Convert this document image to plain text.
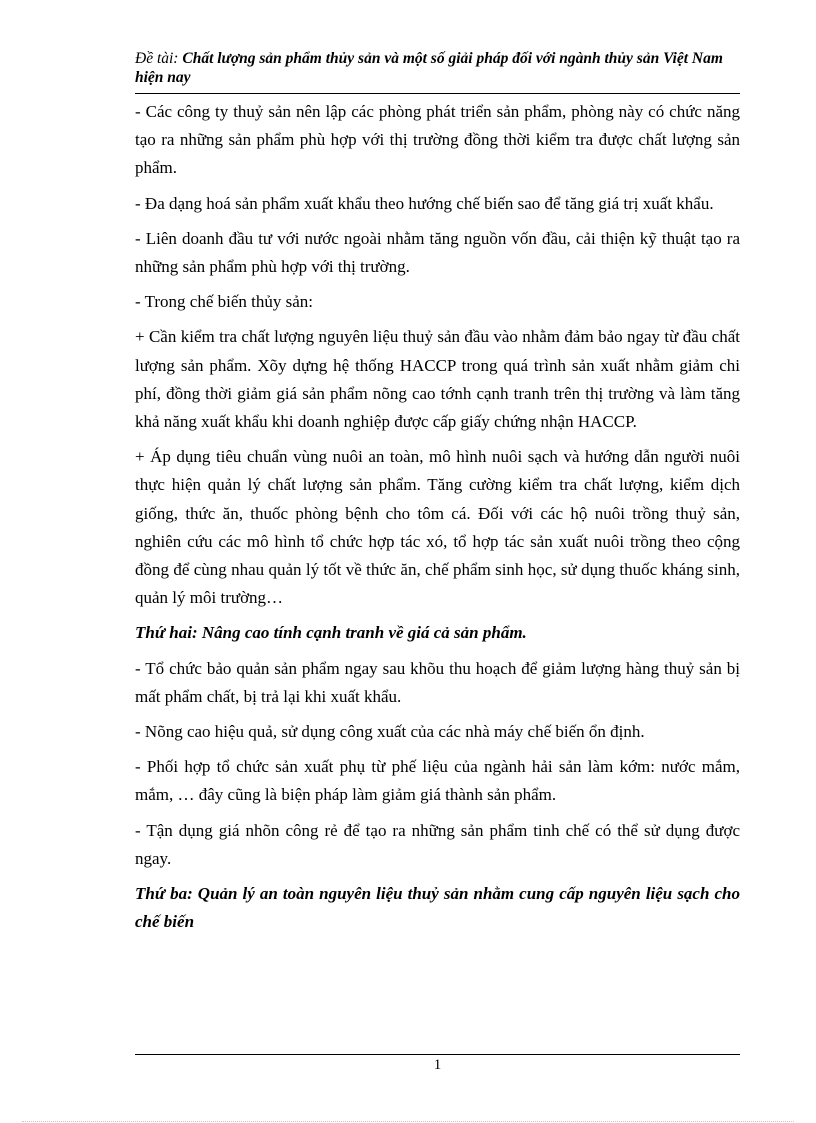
Đề tài: Chất lượng sản phẩm thủy sản và một số giải pháp đối với ngành thủy sản Việt Nam hiện nay

- Các công ty thuỷ sản nên lập các phòng phát triển sản phẩm, phòng này có chức năng tạo ra những sản phẩm phù hợp với thị trường đồng thời kiểm tra được chất lượng sản phẩm.

- Đa dạng hoá sản phẩm xuất khẩu theo hướng chế biến sao để tăng giá trị xuất khẩu.

- Liên doanh đầu tư với nước ngoài nhằm tăng nguồn vốn đầu, cải thiện kỹ thuật tạo ra những sản phẩm phù hợp với thị trường.

- Trong chế biến thủy sản:

+ Cần kiểm tra chất lượng nguyên liệu thuỷ sản đầu vào nhằm đảm bảo ngay từ đầu chất lượng sản phẩm. Xõy dựng hệ thống HACCP trong quá trình sản xuất nhằm giảm chi phí, đồng thời giảm giá sản phẩm nõng cao tớnh cạnh tranh trên thị trường và làm tăng khả năng xuất khẩu khi doanh nghiệp được cấp giấy chứng nhận HACCP.

+ Áp dụng tiêu chuẩn vùng nuôi an toàn, mô hình nuôi sạch và hướng dẫn người nuôi thực hiện quản lý chất lượng sản phẩm. Tăng cường kiểm tra chất lượng, kiểm dịch giống, thức ăn, thuốc phòng bệnh cho tôm cá. Đối với các hộ nuôi trồng thuỷ sản, nghiên cứu các mô hình tổ chức hợp tác xó, tổ hợp tác sản xuất nuôi trồng theo cộng đồng để cùng nhau quản lý tốt về thức ăn, chế phẩm sinh học, sử dụng thuốc kháng sinh, quản lý môi trường…

Thứ hai: Nâng cao tính cạnh tranh về giá cả sản phẩm.

- Tổ chức bảo quản sản phẩm ngay sau khõu thu hoạch để giảm lượng hàng thuỷ sản bị mất phẩm chất, bị trả lại khi xuất khẩu.

- Nõng cao hiệu quả, sử dụng công xuất của các nhà máy chế biến ổn định.

- Phối hợp tổ chức sản xuất phụ từ phế liệu của ngành hải sản làm kớm: nước mắm, mắm, … đây cũng là biện pháp làm giảm giá thành sản phẩm.

- Tận dụng giá nhõn công rẻ để tạo ra những sản phẩm tinh chế có thể sử dụng được ngay.

Thứ ba: Quản lý an toàn nguyên liệu thuỷ sản nhằm cung cấp nguyên liệu sạch cho chế biến

1
